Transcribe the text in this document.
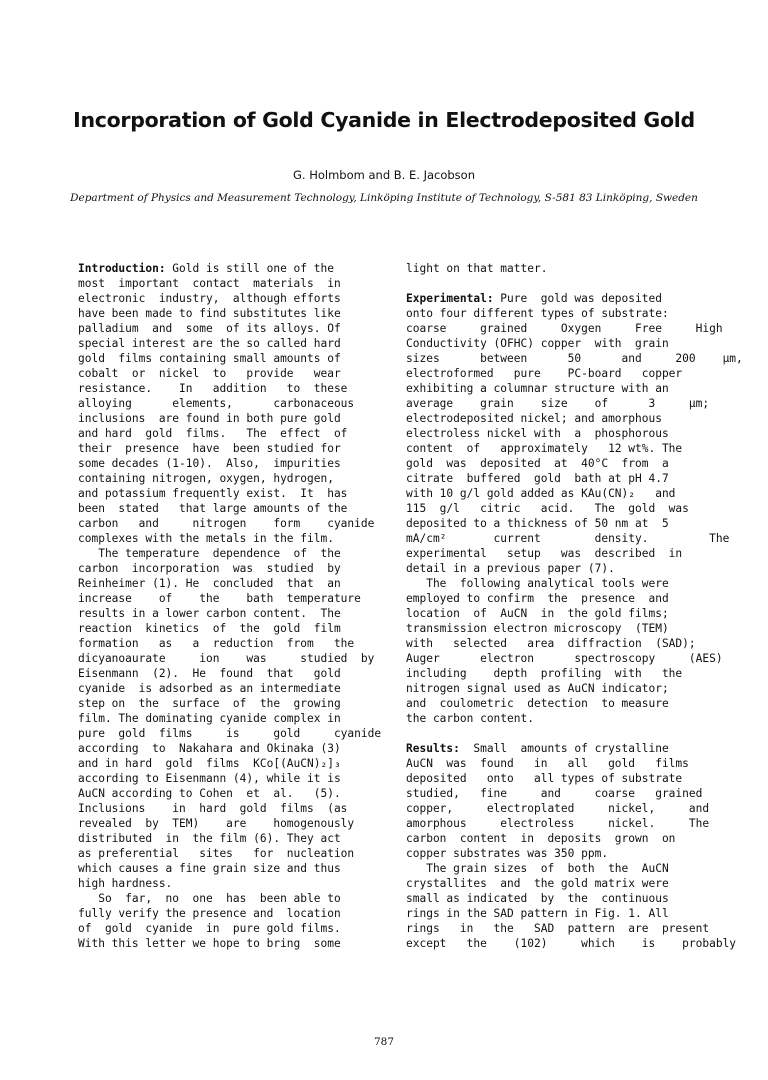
Incorporation of Gold Cyanide in Electrodeposited Gold
G. Holmbom and B. E. Jacobson
Department of Physics and Measurement Technology, Linköping Institute of Technology, S-581 83 Linköping, Sweden
Introduction: Gold is still one of the
most  important  contact  materials  in
electronic  industry,  although efforts
have been made to find substitutes like
palladium  and  some  of its alloys. Of
special interest are the so called hard
gold  films containing small amounts of
cobalt  or  nickel  to   provide   wear
resistance.    In   addition   to  these
alloying      elements,      carbonaceous
inclusions  are found in both pure gold
and hard  gold  films.   The  effect  of
their  presence  have  been studied for
some decades (1-10).  Also,  impurities
containing nitrogen, oxygen, hydrogen,
and potassium frequently exist.  It  has
been  stated   that large amounts of the
carbon   and     nitrogen    form    cyanide
complexes with the metals in the film.
The temperature  dependence  of  the
carbon  incorporation  was  studied  by
Reinheimer (1). He  concluded  that  an
increase    of    the    bath  temperature
results in a lower carbon content.  The
reaction  kinetics  of  the  gold  film
formation   as   a  reduction  from   the
dicyanoaurate     ion    was     studied  by
Eisenmann  (2).  He  found  that   gold
cyanide  is adsorbed as an intermediate
step on  the  surface  of  the  growing
film. The dominating cyanide complex in
pure  gold  films     is     gold     cyanide
according  to  Nakahara and Okinaka (3)
and in hard  gold  films  KCo[(AuCN)₂]₃
according to Eisenmann (4), while it is
AuCN according to Cohen  et  al.   (5).
Inclusions    in  hard  gold  films  (as
revealed  by  TEM)    are    homogenously
distributed  in  the film (6). They act
as preferential   sites   for  nucleation
which causes a fine grain size and thus
high hardness.
So  far,  no  one  has  been able to
fully verify the presence and  location
of  gold  cyanide  in  pure gold films.
With this letter we hope to bring  some
light on that matter.
Experimental: Pure  gold was deposited
onto four different types of substrate:
coarse     grained     Oxygen     Free     High
Conductivity (OFHC) copper  with  grain
sizes      between      50      and     200    μm,
electroformed   pure    PC-board   copper
exhibiting a columnar structure with an
average    grain    size    of      3     μm;
electrodeposited nickel; and amorphous
electroless nickel with  a  phosphorous
content  of   approximately   12 wt%. The
gold  was  deposited  at  40°C  from  a
citrate  buffered  gold  bath at pH 4.7
with 10 g/l gold added as KAu(CN)₂   and
115  g/l   citric   acid.   The  gold  was
deposited to a thickness of 50 nm at  5
mA/cm²       current        density.         The
experimental   setup   was  described  in
detail in a previous paper (7).
The  following analytical tools were
employed to confirm  the  presence  and
location  of  AuCN  in  the gold films;
transmission electron microscopy  (TEM)
with   selected   area  diffraction  (SAD);
Auger      electron      spectroscopy     (AES)
including    depth  profiling  with   the
nitrogen signal used as AuCN indicator;
and  coulometric  detection  to measure
the carbon content.
Results:  Small  amounts of crystalline
AuCN  was  found   in   all   gold   films
deposited   onto   all types of substrate
studied,   fine     and     coarse   grained
copper,     electroplated     nickel,     and
amorphous     electroless     nickel.     The
carbon  content  in  deposits  grown  on
copper substrates was 350 ppm.
The grain sizes  of  both  the  AuCN
crystallites  and  the gold matrix were
small as indicated  by  the  continuous
rings in the SAD pattern in Fig. 1. All
rings   in   the   SAD  pattern  are  present
except   the    (102)     which    is    probably
787
